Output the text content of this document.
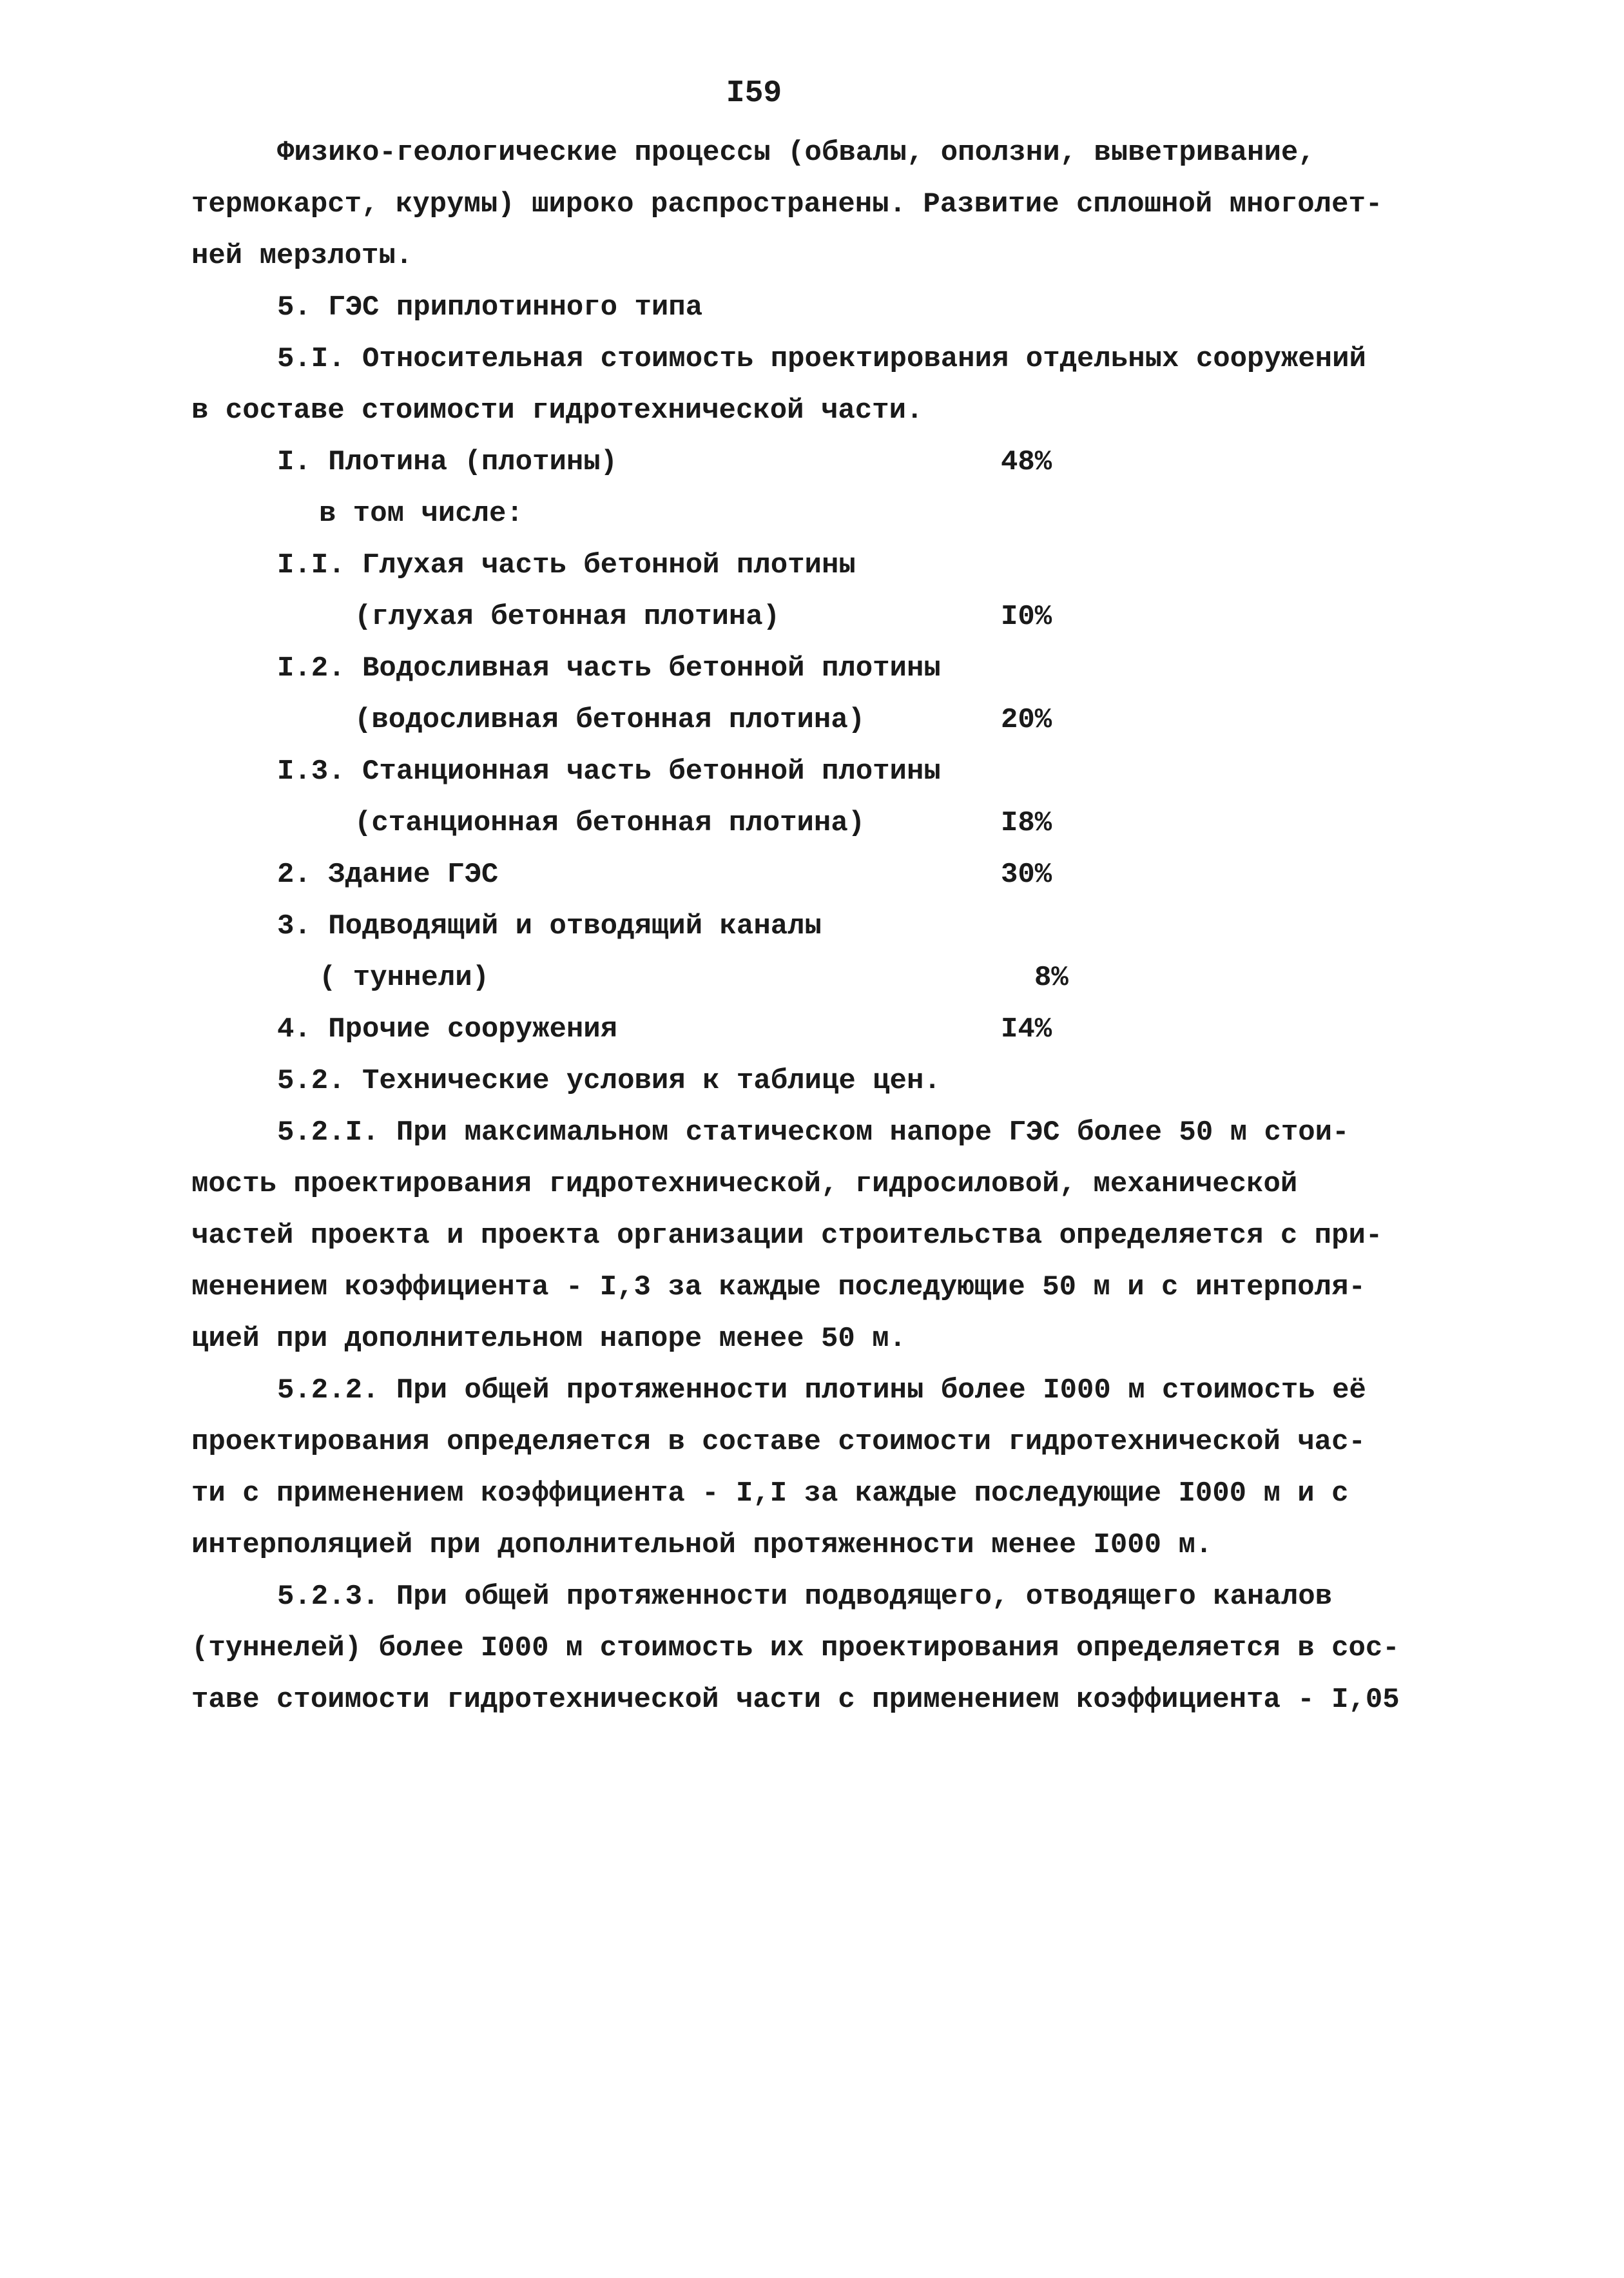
I59
Физико-геологические процессы (обвалы, оползни, выветривание,
термокарст, курумы) широко распространены. Развитие сплошной многолет-
ней мерзлоты.
5. ГЭС приплотинного типа
5.I. Относительная стоимость проектирования отдельных сооружений
в составе стоимости гидротехнической части.
I. Плотина (плотины)	48%
в том числе:
I.I. Глухая часть бетонной плотины
(глухая бетонная плотина)	I0%
I.2. Водосливная часть бетонной плотины
(водосливная бетонная плотина)	20%
I.3. Станционная часть бетонной плотины
(станционная бетонная плотина)	I8%
2. Здание ГЭС	30%
3. Подводящий и отводящий каналы
( туннели)	8%
4. Прочие сооружения	I4%
5.2. Технические условия к таблице цен.
5.2.I. При максимальном статическом напоре ГЭС более 50 м стои-
мость проектирования гидротехнической, гидросиловой, механической
частей проекта и проекта организации строительства определяется с при-
менением коэффициента - I,3 за каждые последующие 50 м и с интерполя-
цией при дополнительном напоре менее 50 м.
5.2.2. При общей протяженности плотины более I000 м стоимость её
проектирования определяется в составе стоимости гидротехнической час-
ти с применением коэффициента - I,I за каждые последующие I000 м и с
интерполяцией при дополнительной протяженности менее I000 м.
5.2.3. При общей протяженности подводящего, отводящего каналов
(туннелей) более I000 м стоимость их проектирования определяется в сос-
таве стоимости гидротехнической части с применением коэффициента - I,05
